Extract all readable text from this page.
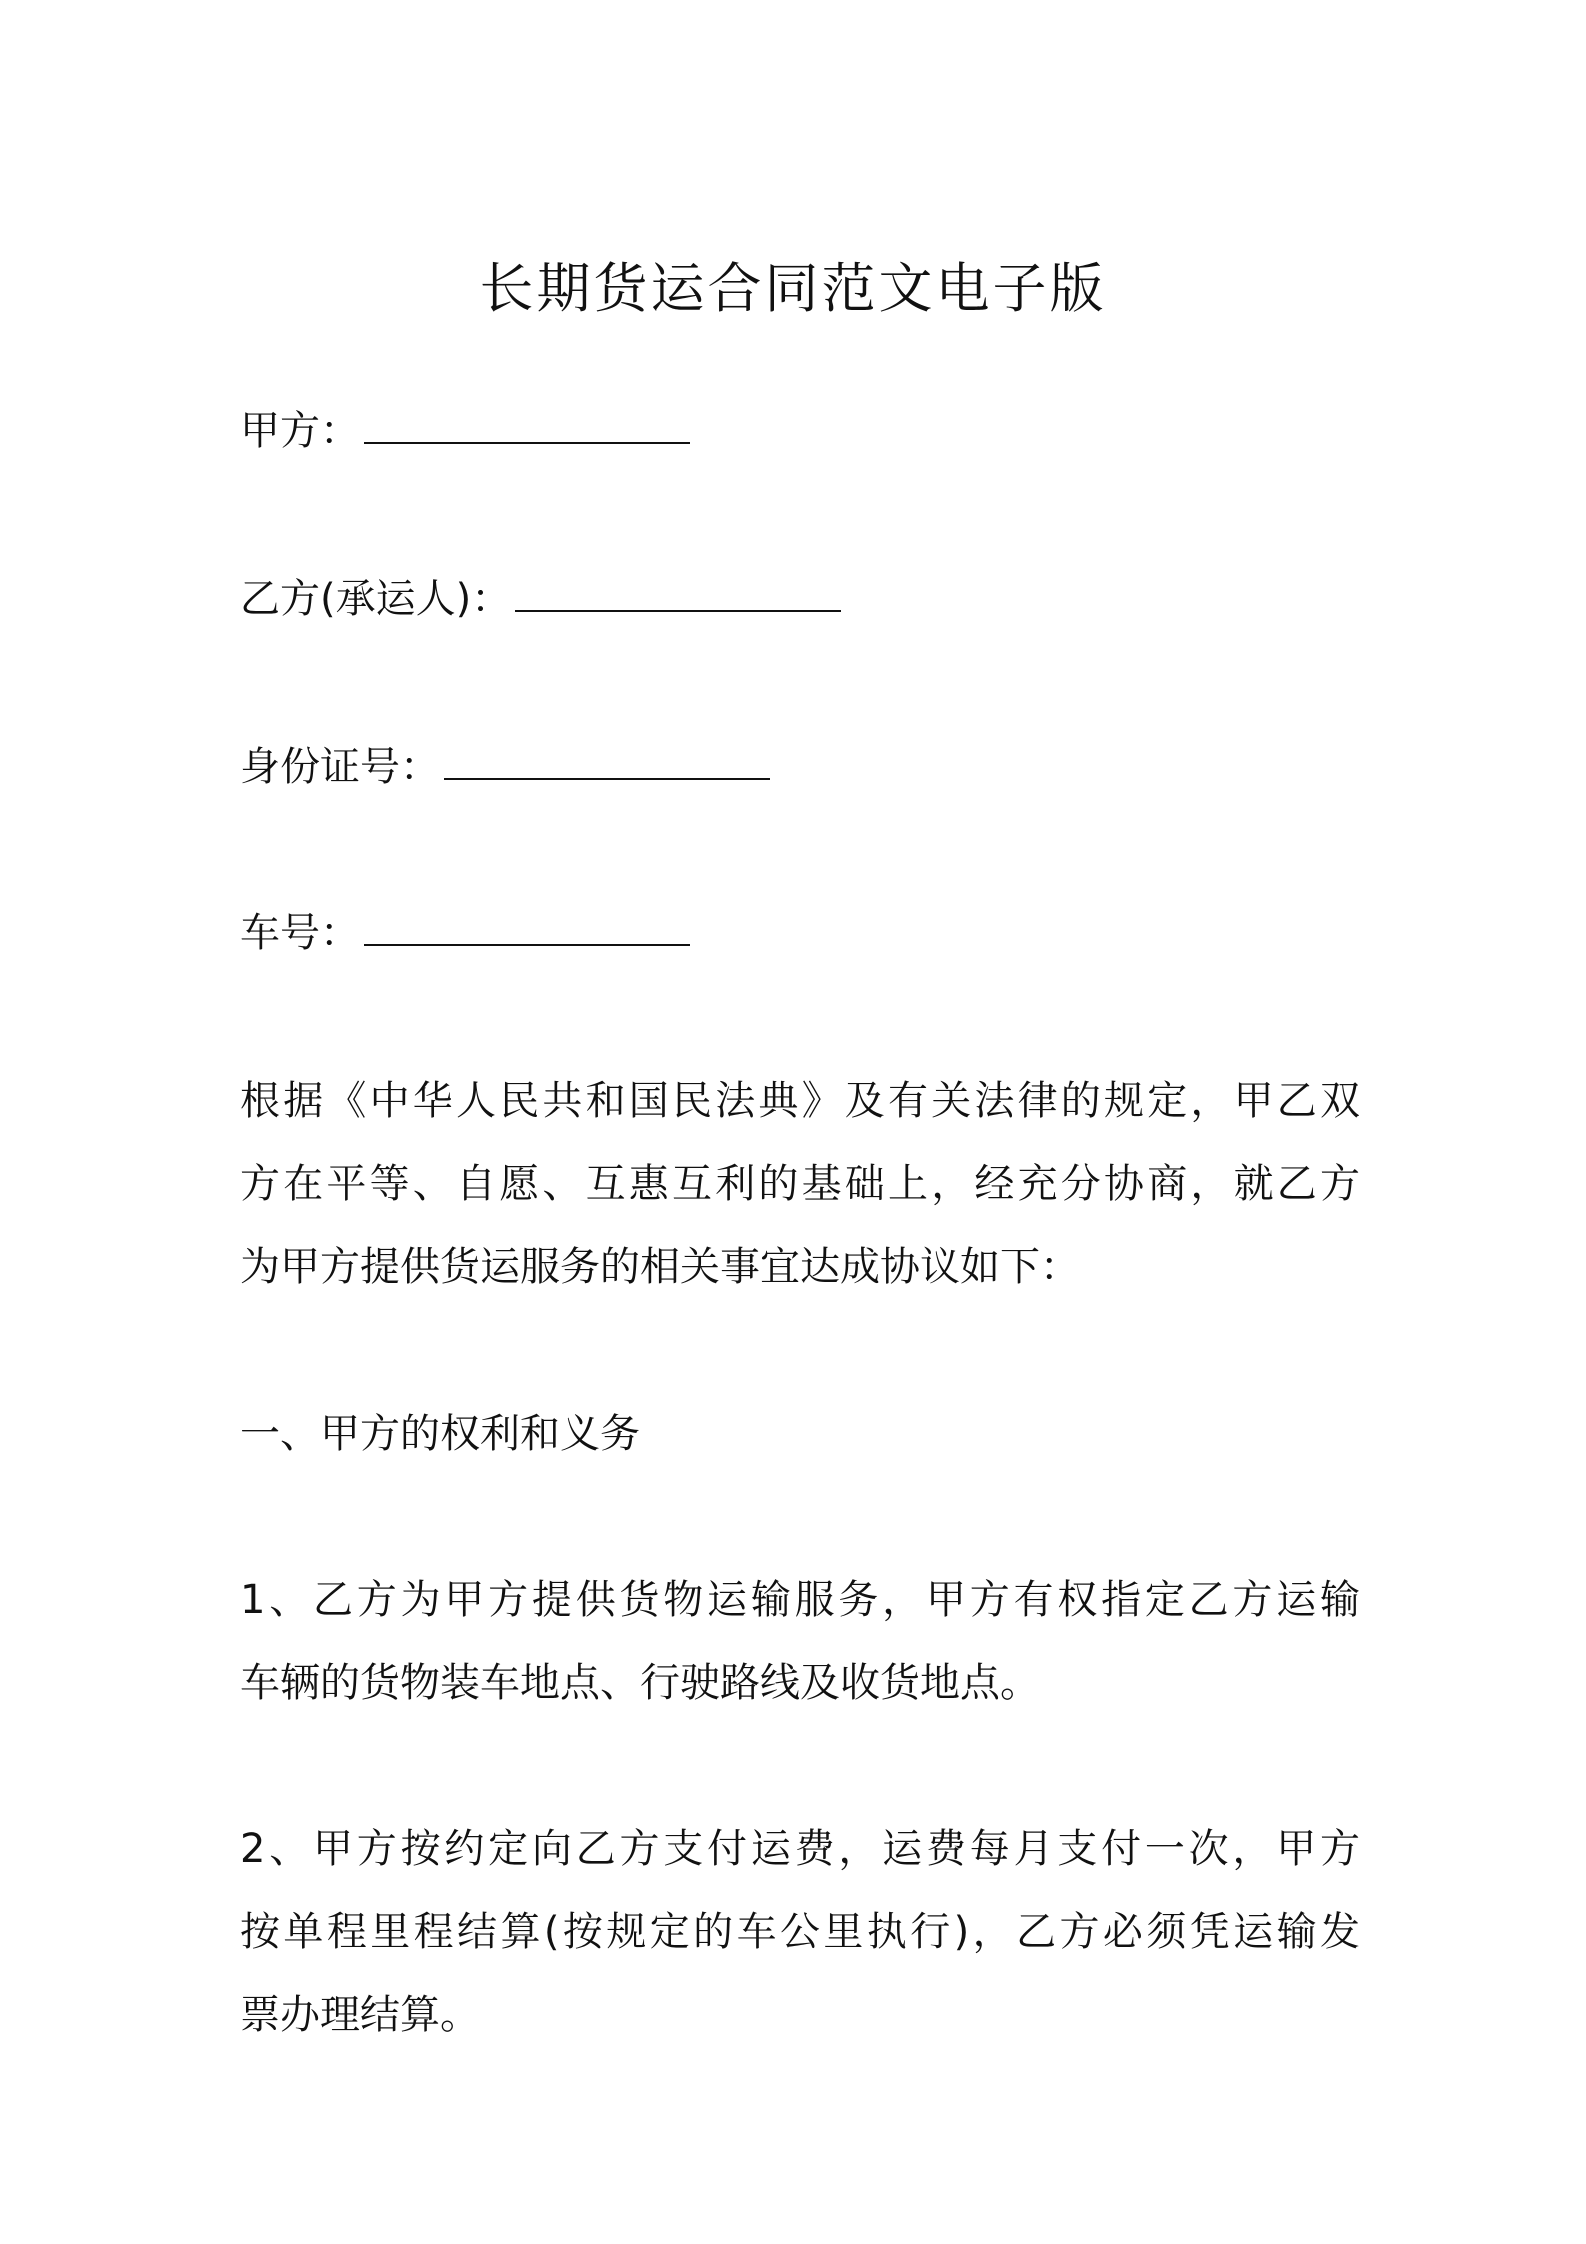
长期货运合同范文电子版
甲方：
乙方(承运人)：
身份证号：
车号：
根据《中华人民共和国民法典》及有关法律的规定，甲乙双
方在平等、自愿、互惠互利的基础上，经充分协商，就乙方
为甲方提供货运服务的相关事宜达成协议如下：
一、甲方的权利和义务
1、乙方为甲方提供货物运输服务，甲方有权指定乙方运输
车辆的货物装车地点、行驶路线及收货地点。
2、甲方按约定向乙方支付运费，运费每月支付一次，甲方
按单程里程结算(按规定的车公里执行)，乙方必须凭运输发
票办理结算。
